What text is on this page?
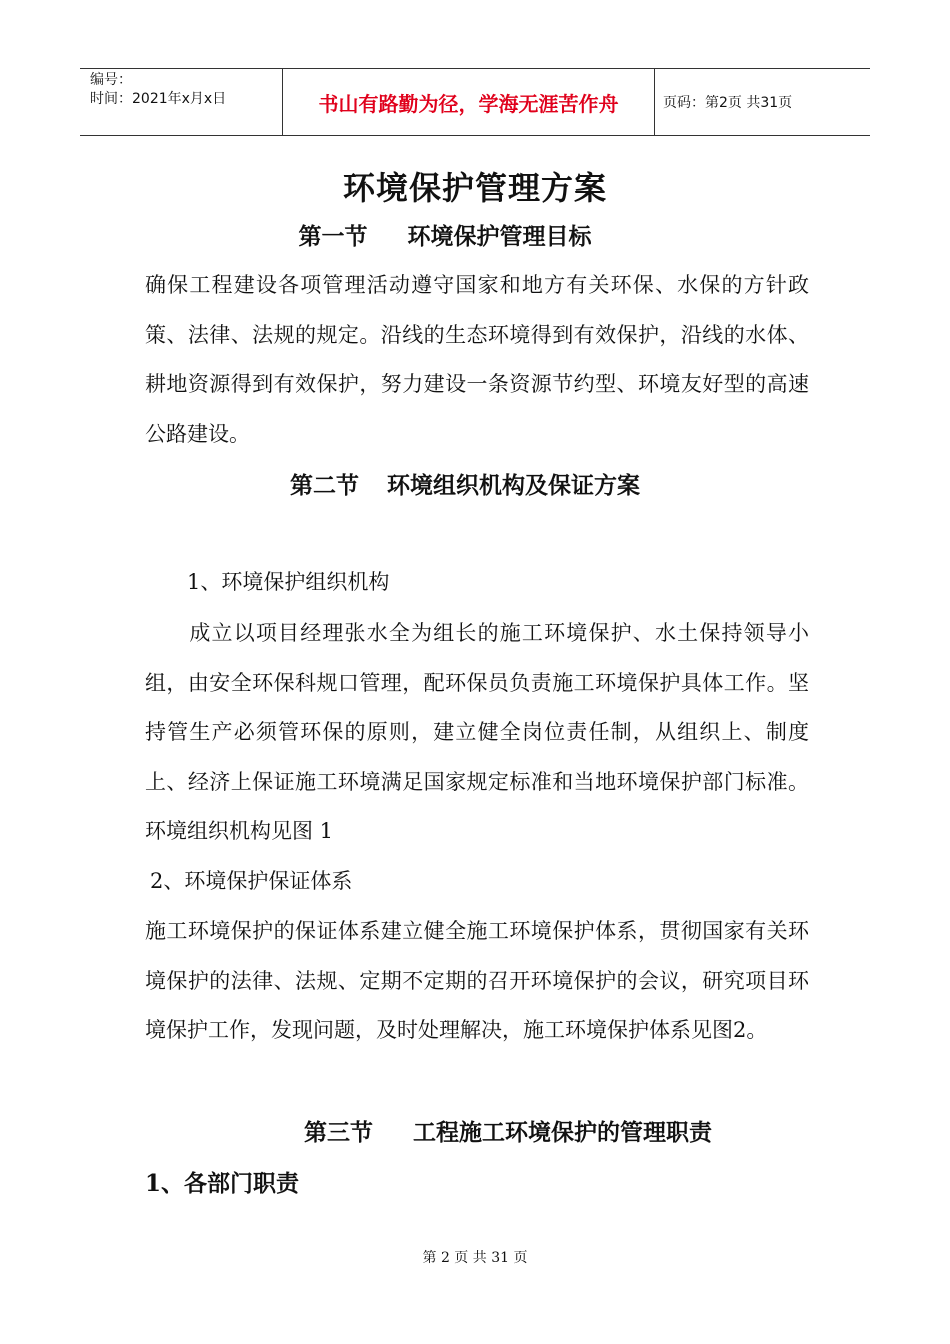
编号：
时间：2021年x月x日	书山有路勤为径，学海无涯苦作舟	页码：第2页 共31页
环境保护管理方案
第一节 环境保护管理目标
确保工程建设各项管理活动遵守国家和地方有关环保、水保的方针政策、法律、法规的规定。沿线的生态环境得到有效保护，沿线的水体、耕地资源得到有效保护，努力建设一条资源节约型、环境友好型的高速公路建设。
第二节 环境组织机构及保证方案
1、环境保护组织机构
　　成立以项目经理张水全为组长的施工环境保护、水土保持领导小组，由安全环保科规口管理，配环保员负责施工环境保护具体工作。坚持管生产必须管环保的原则，建立健全岗位责任制，从组织上、制度上、经济上保证施工环境满足国家规定标准和当地环境保护部门标准。环境组织机构见图 1
2、环境保护保证体系
施工环境保护的保证体系建立健全施工环境保护体系，贯彻国家有关环境保护的法律、法规、定期不定期的召开环境保护的会议，研究项目环境保护工作，发现问题，及时处理解决，施工环境保护体系见图2。
第三节 工程施工环境保护的管理职责
1、各部门职责
第 2 页 共 31 页
